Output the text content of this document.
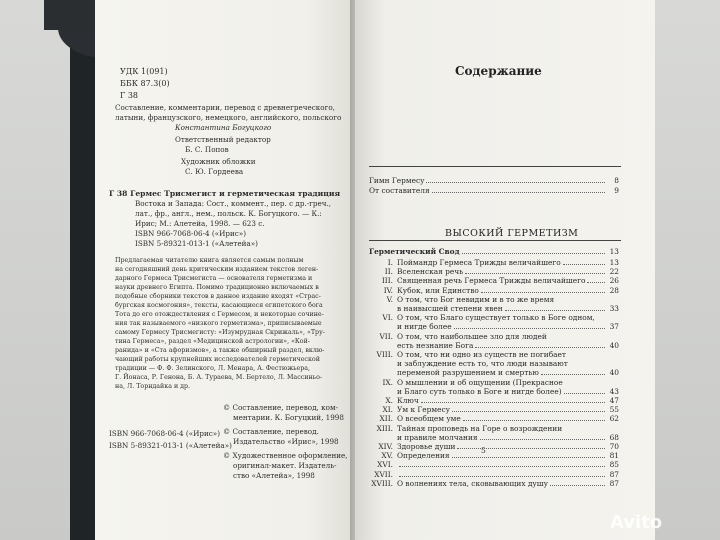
УДК 1(091)
ББК 87.3(0)
Г 38
Составление, комментарии, перевод с древнегреческого,
латыни, французского, немецкого, английского, польского
Константина Богуцкого
Ответственный редактор
Б. С. Попов
Художник обложки
С. Ю. Гордеева
Г 38 Гермес Трисмегист и герметическая традиция
Востока и Запада: Сост., коммент., пер. с др.-греч.,
лат., фр., англ., нем., польск. К. Богуцкого. — К.:
Ирис; М.: Алетейа, 1998. — 623 с.
ISBN 966-7068-06-4 («Ирис»)
ISBN 5-89321-013-1 («Алетейа»)
Предлагаемая читателю книга является самым полным
на сегодняшний день критическим изданием текстов леген-
дарного Гермеса Трисмегиста — основателя герметизма и
науки древнего Египта. Помимо традиционно включаемых в
подобные сборники текстов в данное издание входят «Страс-
бургская космогония», тексты, касающиеся египетского бога
Тота до его отождествления с Гермесом, и некоторые сочине-
ния так называемого «низкого герметизма», приписываемые
самому Гермесу Трисмегисту: «Изумрудная Скрижаль», «Тру-
тина Гермеса», раздел «Медицинской астрологии», «Кой-
ранида» и «Ста афоризмов», а также обширный раздел, вклю-
чающий работы крупнейших исследователей герметической
традиции — Ф. Ф. Зелинского, Л. Менара, А. Фестюжьера,
Г. Йонаса, Р. Генона, Б. А. Тураева, М. Бертело, Л. Массиньо-
на, Л. Торндайка и др.
© Составление, перевод, ком-
ментарии. К. Богуцкий, 1998
© Составление, перевод.
Издательство «Ирис», 1998
© Художественное оформление,
оригинал-макет. Издатель-
ство «Алетейа», 1998
ISBN 966-7068-06-4 («Ирис»)
ISBN 5-89321-013-1 («Алетейа»)
Содержание
Гимн Гермесу	8
От составителя	9
ВЫСОКИЙ ГЕРМЕТИЗМ
Герметический Свод	13
I. Поймандр Гермеса Трижды величайшего	13
II. Вселенская речь	22
III. Священная речь Гермеса Трижды величайшего	26
IV. Кубок, или Единство	28
V. О том, что Бог невидим и в то же время
в наивысшей степени явен	33
VI. О том, что Благо существует только в Боге одном,
и нигде более	37
VII. О том, что наибольшее зло для людей
есть незнание Бога	40
VIII. О том, что ни одно из существ не погибает
и заблуждение есть то, что люди называют
переменой разрушением и смертью	40
IX. О мышлении и об ощущении (Прекрасное
и Благо суть только в Боге и нигде более)	43
X. Ключ	47
XI. Ум к Гермесу	55
XII. О всеобщем уме	62
XIII. Тайная проповедь на Горе о возрождении
и правиле молчания	68
XIV. Здоровье души	70
XV. Определения	81
XVI.	85
XVII.	87
XVIII. О волнениях тела, сковывающих душу	87
5
Avito
